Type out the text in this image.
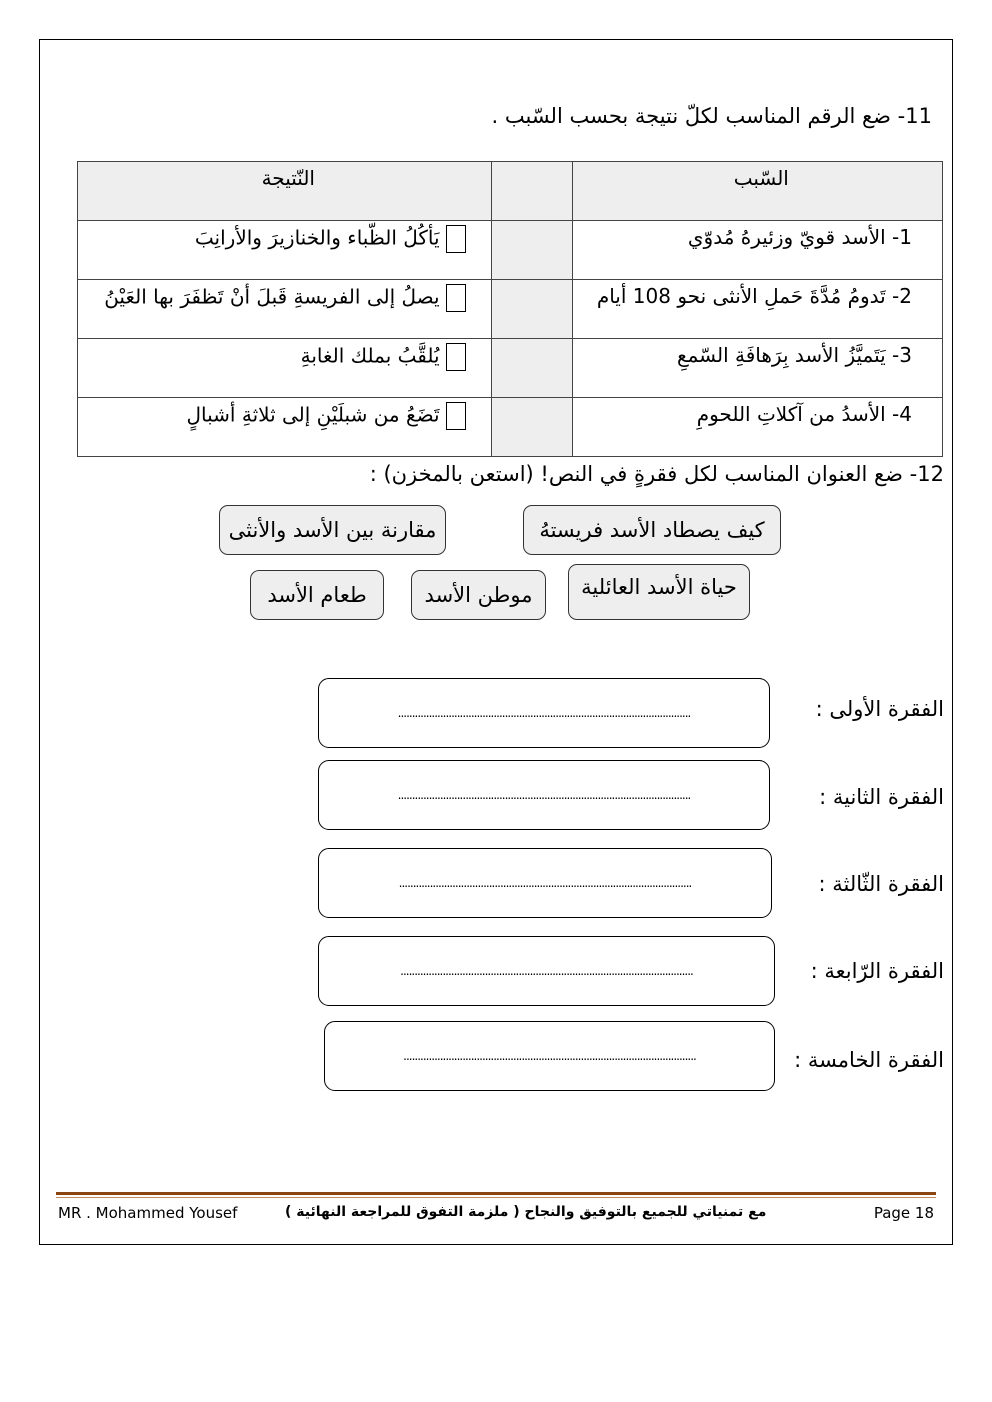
11- ضع الرقم المناسب لكلّ نتيجة بحسب السّبب .
السّبب		النّتيجة
1- الأسد قويّ وزئيرهُ مُدوّي		يَأكُلُ الظّباء والخنازيرَ والأرانِبَ
2- تَدومُ مُدَّةَ حَملِ الأنثى نحو 108 أيام		يصلُ إلى الفريسةِ قَبلَ أنْ تَظفَرَ بها العَيْنُ
3- يَتَميَّزُ الأسد بِرَهافَةِ السّمعِ		يُلقَّبُ بملك الغابةِ
4- الأسدُ من آكلاتِ اللحومِ		تَضَعُ من شبلَيْنِ إلى ثلاثةِ أشبالٍ
12- ضع العنوان المناسب لكل فقرةٍ في النص! (استعن بالمخزن) :
كيف يصطاد الأسد فريستهُ
مقارنة بين الأسد والأنثى
حياة الأسد العائلية
موطن الأسد
طعام الأسد
الفقرة الأولى :
........................................................................................................
الفقرة الثانية :
........................................................................................................
الفقرة الثّالثة :
........................................................................................................
الفقرة الرّابعة :
........................................................................................................
الفقرة الخامسة :
........................................................................................................
MR . Mohammed Yousef	مع تمنياتي للجميع بالتوفيق والنجاح ( ملزمة التفوق للمراجعة النهائية )	Page 18
